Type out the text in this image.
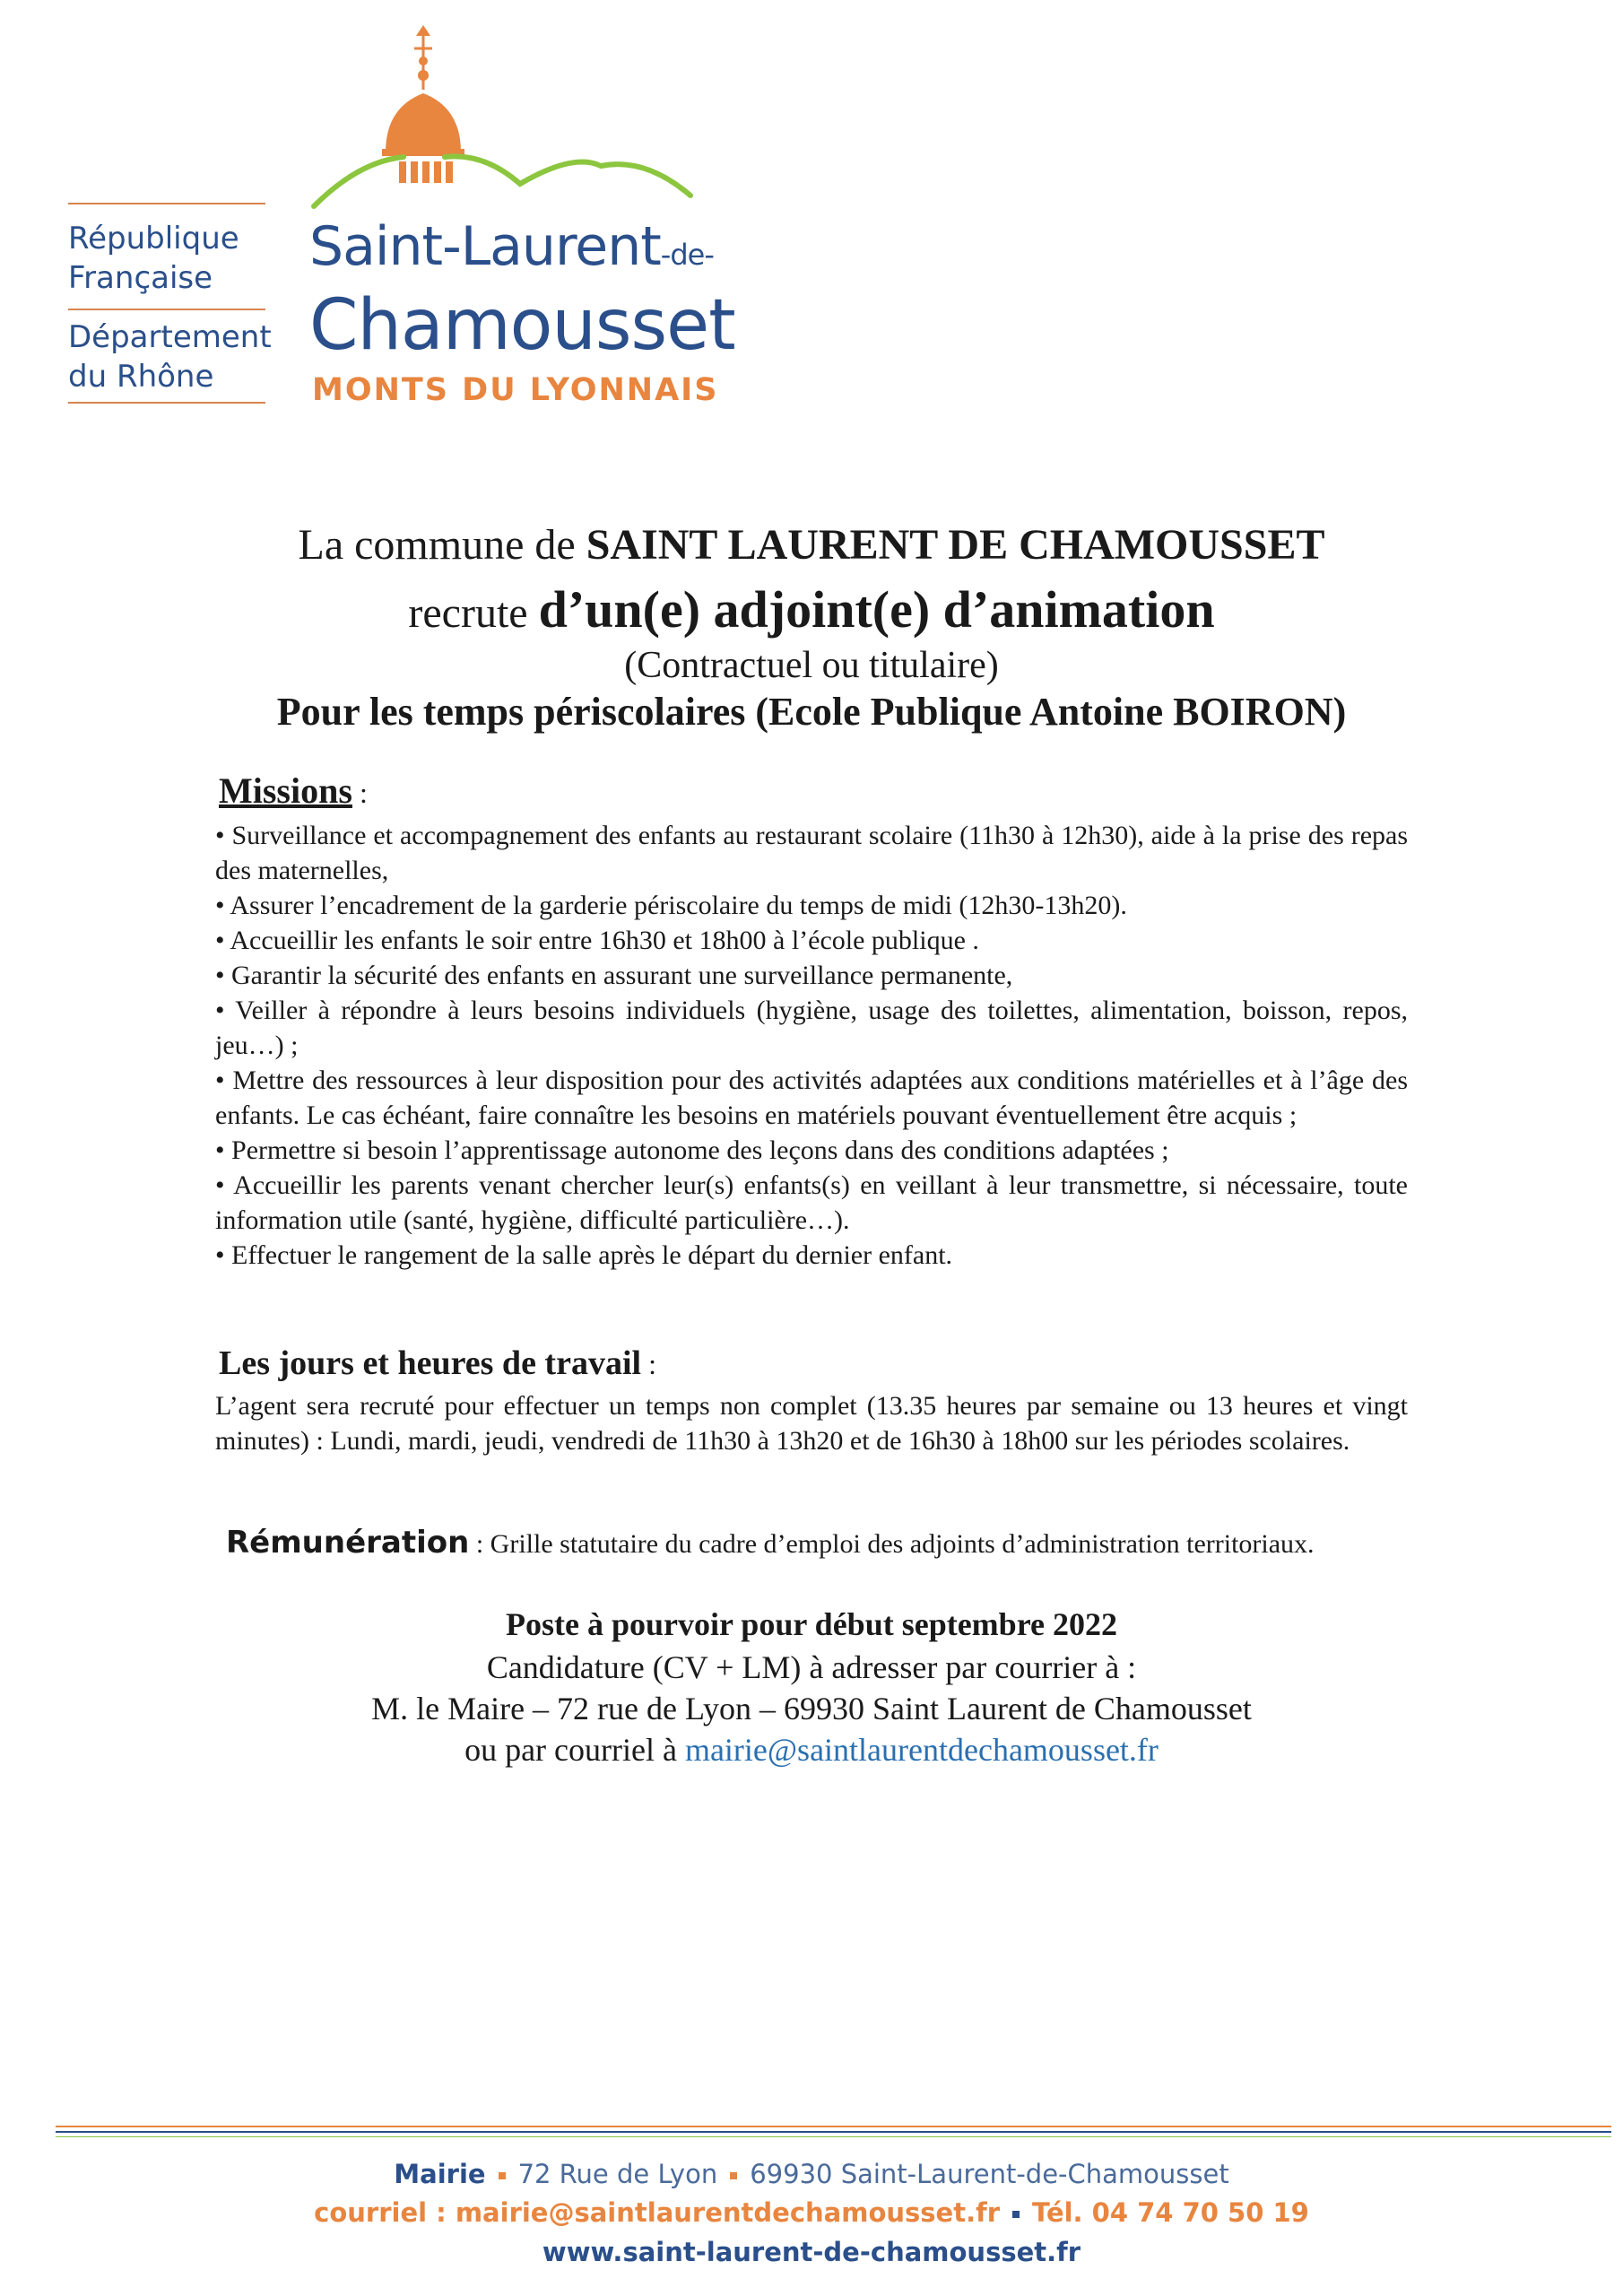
République
Française
Département
du Rhône
Saint-Laurent-de-
Chamousset
MONTS DU LYONNAIS
La commune de SAINT LAURENT DE CHAMOUSSET
recrute d’un(e) adjoint(e) d’animation
(Contractuel ou titulaire)
Pour les temps périscolaires (Ecole Publique Antoine BOIRON)
Missions :

• Surveillance et accompagnement des enfants au restaurant scolaire (11h30 à 12h30), aide à la prise des repas des maternelles,

• Assurer l’encadrement de la garderie périscolaire du temps de midi (12h30-13h20).

• Accueillir les enfants le soir entre 16h30 et 18h00 à l’école publique .

• Garantir la sécurité des enfants en assurant une surveillance permanente,

• Veiller à répondre à leurs besoins individuels (hygiène, usage des toilettes, alimentation, boisson, repos, jeu…) ;

• Mettre des ressources à leur disposition pour des activités adaptées aux conditions matérielles et à l’âge des enfants. Le cas échéant, faire connaître les besoins en matériels pouvant éventuellement être acquis ;

• Permettre si besoin l’apprentissage autonome des leçons dans des conditions adaptées ;

• Accueillir les parents venant chercher leur(s) enfants(s) en veillant à leur transmettre, si nécessaire, toute information utile (santé, hygiène, difficulté particulière…).

• Effectuer le rangement de la salle après le départ du dernier enfant.

Les jours et heures de travail :

L’agent sera recruté pour effectuer un temps non complet (13.35 heures par semaine ou 13 heures et vingt minutes) : Lundi, mardi, jeudi, vendredi de 11h30 à 13h20 et de 16h30 à 18h00 sur les périodes scolaires.

Rémunération : Grille statutaire du cadre d’emploi des adjoints d’administration territoriaux.
Poste à pourvoir pour début septembre 2022
Candidature (CV + LM) à adresser par courrier à :
M. le Maire – 72 rue de Lyon – 69930 Saint Laurent de Chamousset
ou par courriel à mairie@saintlaurentdechamousset.fr
Mairie 72 Rue de Lyon 69930 Saint-Laurent-de-Chamousset
courriel : mairie@saintlaurentdechamousset.fr Tél. 04 74 70 50 19
www.saint-laurent-de-chamousset.fr
